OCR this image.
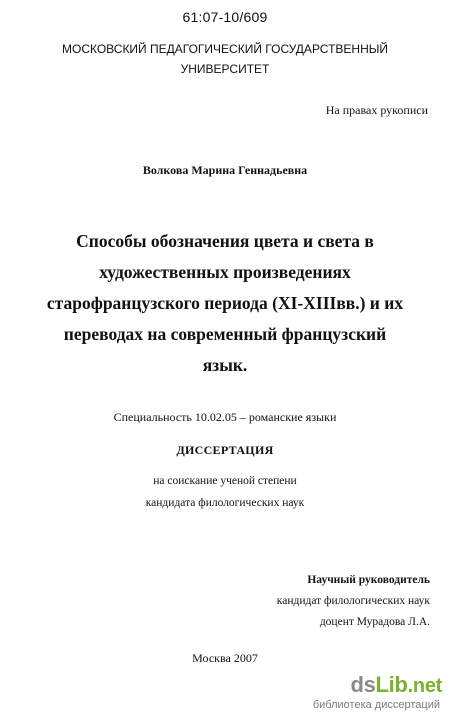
61:07-10/609
МОСКОВСКИЙ ПЕДАГОГИЧЕСКИЙ ГОСУДАРСТВЕННЫЙ
УНИВЕРСИТЕТ
На правах рукописи
Волкова Марина Геннадьевна
Способы обозначения цвета и света в
художественных произведениях
старофранцузского периода (XI-XIIIвв.) и их
переводах на современный французский
язык.
Специальность 10.02.05 – романские языки
ДИССЕРТАЦИЯ
на соискание ученой степени
кандидата филологических наук
Научный руководитель
кандидат филологических наук
доцент Мурадова Л.А.
Москва 2007
dsLib.net
библиотека диссертаций
